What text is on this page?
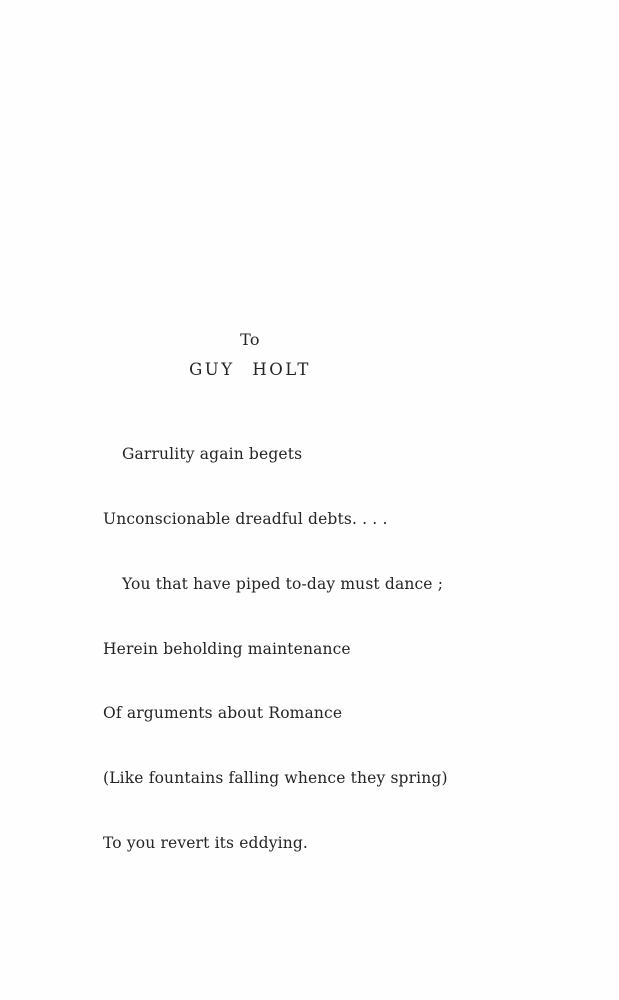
To
GUY HOLT

Garrulity again begets

Unconscionable dreadful debts. . . .

You that have piped to-day must dance ;

Herein beholding maintenance

Of arguments about Romance

(Like fountains falling whence they spring)

To you revert its eddying.
